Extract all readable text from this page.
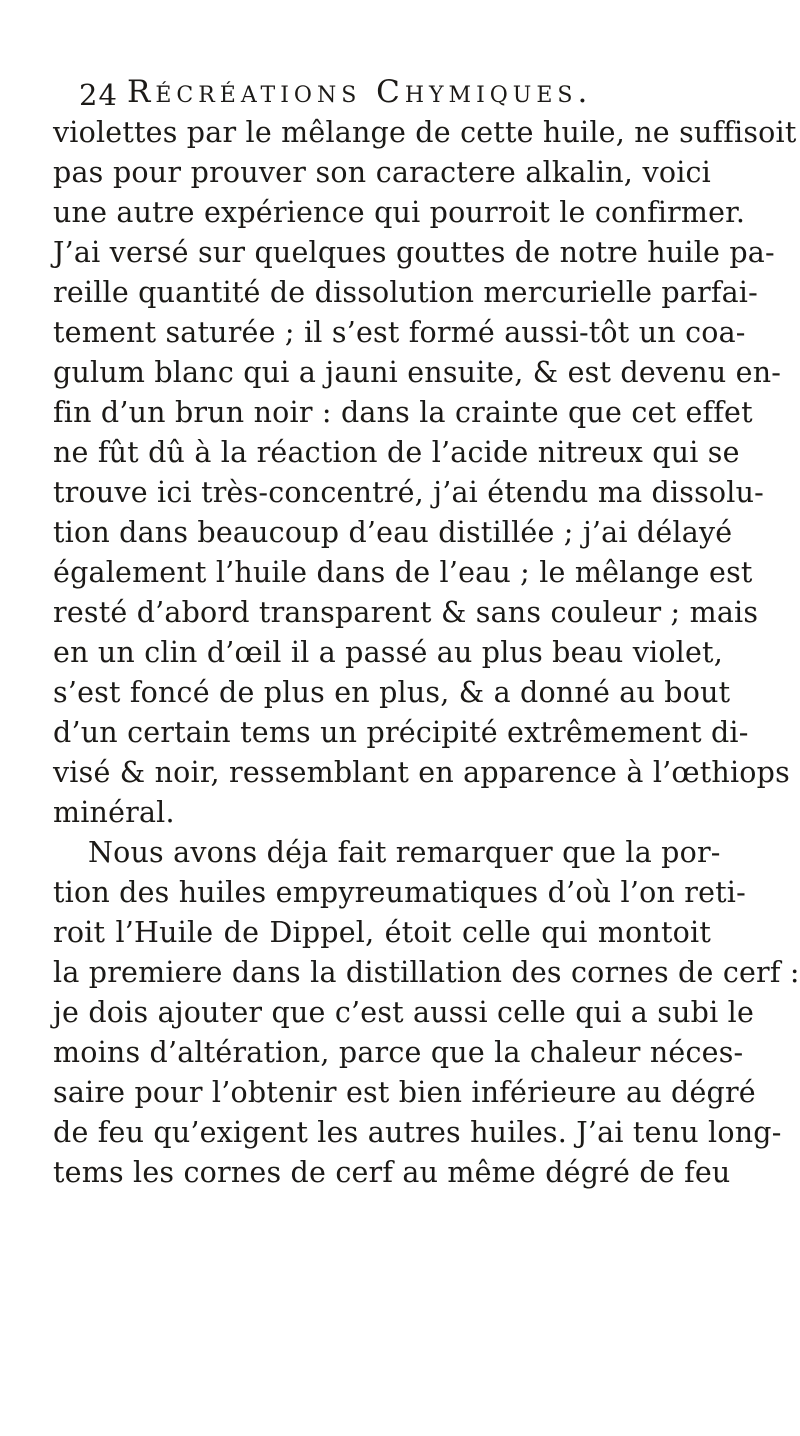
24 Récréations Chymiques.
violettes par le mêlange de cette huile, ne suffisoit
pas pour prouver son caractere alkalin, voici
une autre expérience qui pourroit le confirmer.
J’ai versé sur quelques gouttes de notre huile pa-
reille quantité de dissolution mercurielle parfai-
tement saturée ; il s’est formé aussi-tôt un coa-
gulum blanc qui a jauni ensuite, & est devenu en-
fin d’un brun noir : dans la crainte que cet effet
ne fût dû à la réaction de l’acide nitreux qui se
trouve ici très-concentré, j’ai étendu ma dissolu-
tion dans beaucoup d’eau distillée ; j’ai délayé
également l’huile dans de l’eau ; le mêlange est
resté d’abord transparent & sans couleur ; mais
en un clin d’œil il a passé au plus beau violet,
s’est foncé de plus en plus, & a donné au bout
d’un certain tems un précipité extrêmement di-
visé & noir, ressemblant en apparence à l’œthiops
minéral.
Nous avons déja fait remarquer que la por-
tion des huiles empyreumatiques d’où l’on reti-
roit l’Huile de Dippel, étoit celle qui montoit
la premiere dans la distillation des cornes de cerf :
je dois ajouter que c’est aussi celle qui a subi le
moins d’altération, parce que la chaleur néces-
saire pour l’obtenir est bien inférieure au dégré
de feu qu’exigent les autres huiles. J’ai tenu long-
tems les cornes de cerf au même dégré de feu
